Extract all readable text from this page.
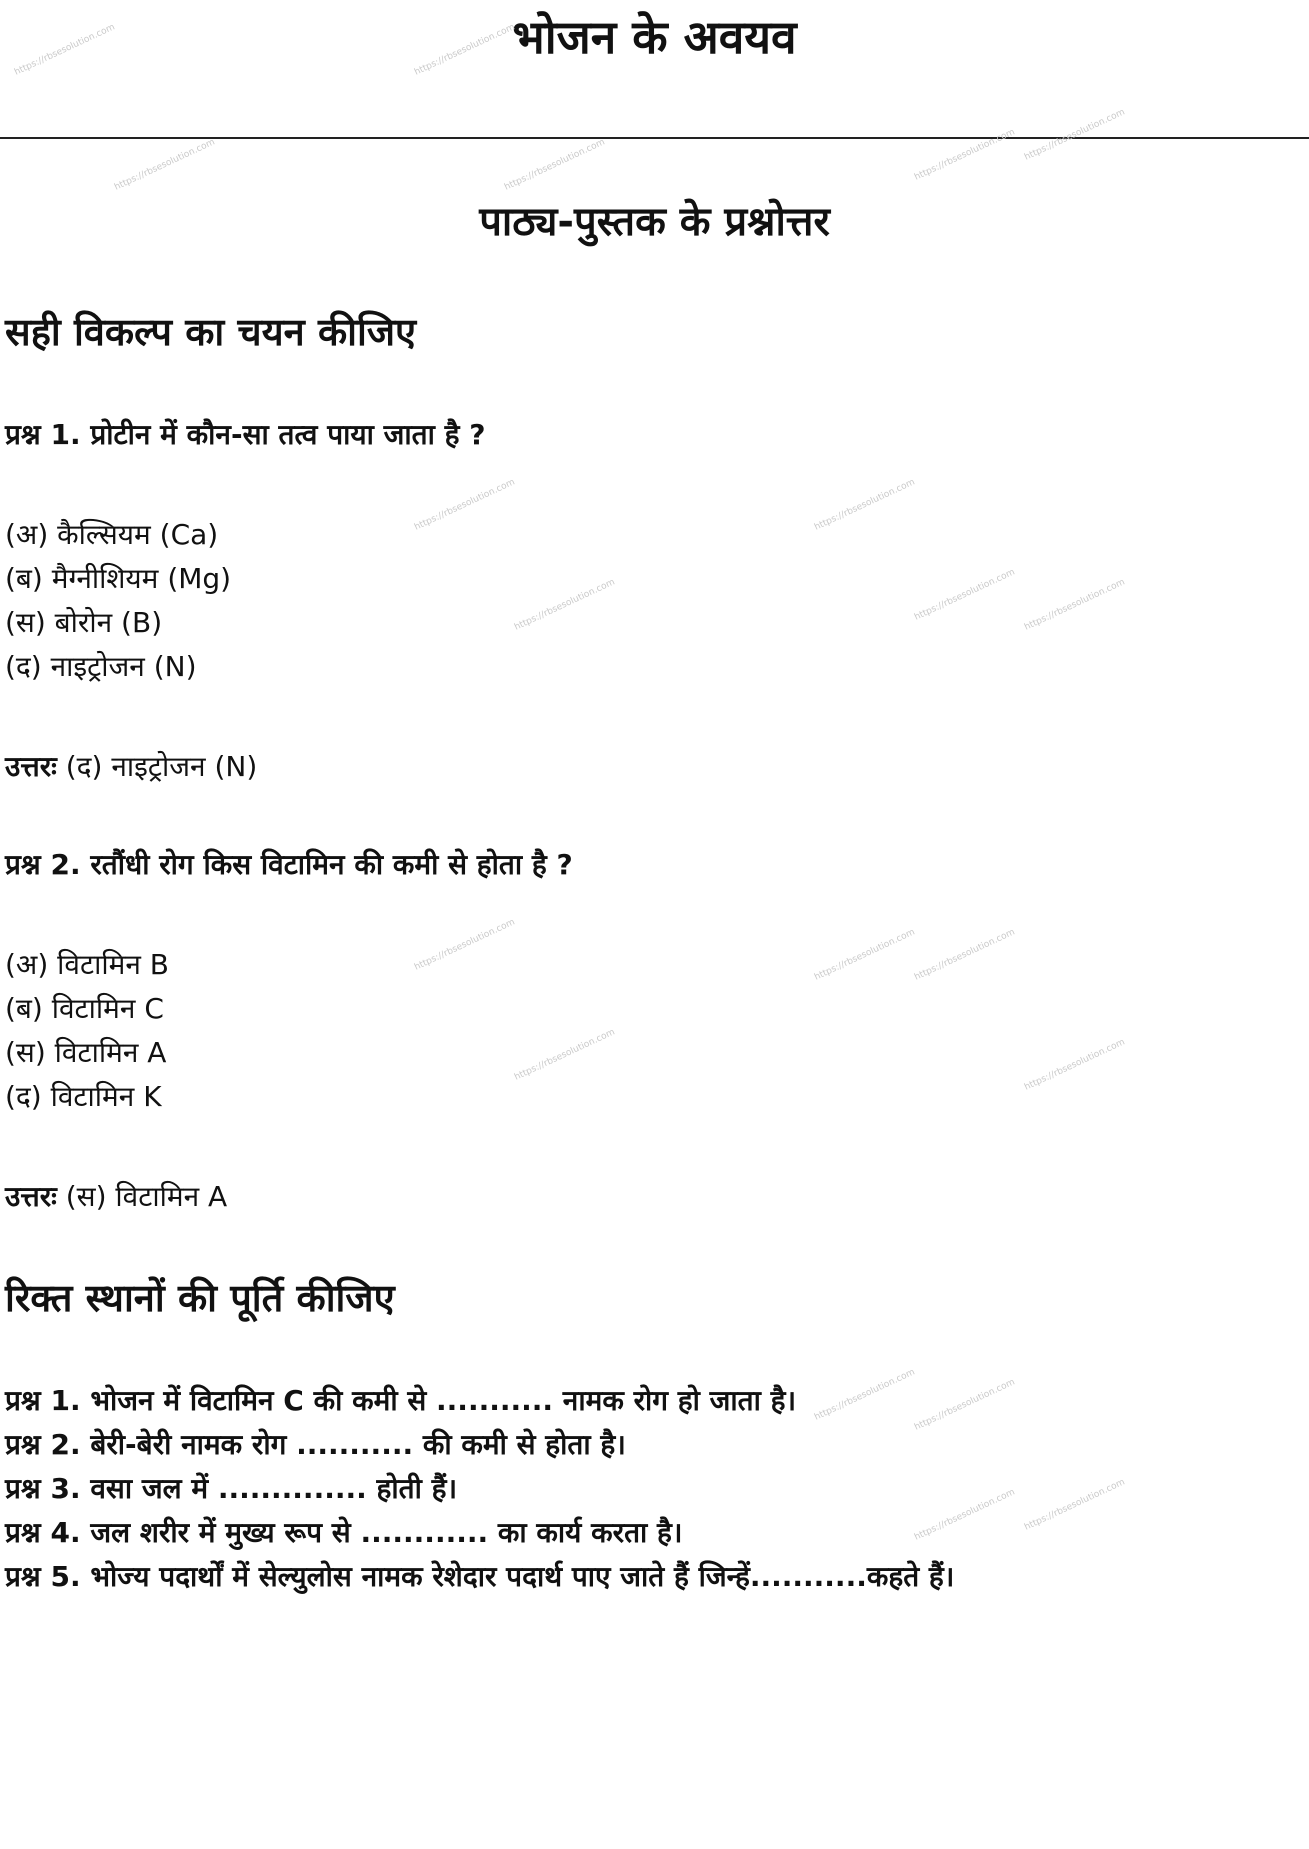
भोजन के अवयव
पाठ्य-पुस्तक के प्रश्नोत्तर
सही विकल्प का चयन कीजिए

प्रश्न 1. प्रोटीन में कौन-सा तत्व पाया जाता है ?

(अ) कैल्सियम (Ca)
(ब) मैग्नीशियम (Mg)
(स) बोरोन (B)
(द) नाइट्रोजन (N)

उत्तरः (द) नाइट्रोजन (N)

प्रश्न 2. रतौंधी रोग किस विटामिन की कमी से होता है ?

(अ) विटामिन B
(ब) विटामिन C
(स) विटामिन A
(द) विटामिन K

उत्तरः (स) विटामिन A

रिक्त स्थानों की पूर्ति कीजिए
प्रश्न 1. भोजन में विटामिन C की कमी से ........... नामक रोग हो जाता है।
प्रश्न 2. बेरी-बेरी नामक रोग ........... की कमी से होता है।
प्रश्न 3. वसा जल में .............. होती हैं।
प्रश्न 4. जल शरीर में मुख्य रूप से ............ का कार्य करता है।
प्रश्न 5. भोज्य पदार्थों में सेल्युलोस नामक रेशेदार पदार्थ पाए जाते हैं जिन्हें...........कहते हैं।
https://rbsesolution.com	https://rbsesolution.com
https://rbsesolution.com	https://rbsesolution.com	https://rbsesolution.com https://rbsesolution.com
https://rbsesolution.com	https://rbsesolution.com
https://rbsesolution.com
https://rbsesolution.com	https://rbsesolution.com
https://rbsesolution.com	https://rbsesolution.com
https://rbsesolution.com
https://rbsesolution.com	https://rbsesolution.com
https://rbsesolution.com
https://rbsesolution.com
https://rbsesolution.com https://rbsesolution.com
